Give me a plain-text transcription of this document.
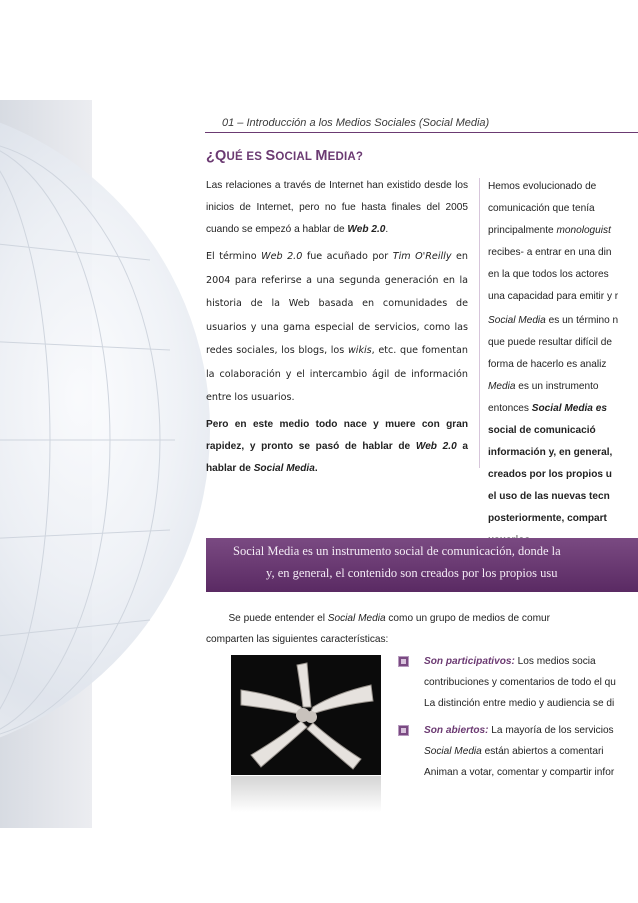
01 – Introducción a los Medios Sociales (Social Media)
¿QUÉ ES SOCIAL MEDIA?

Las relaciones a través de Internet han existido desde los inicios de Internet, pero no fue hasta finales del 2005 cuando se empezó a hablar de Web 2.0.

El término Web 2.0 fue acuñado por Tim O'Reilly en 2004 para referirse a una segunda generación en la historia de la Web basada en comunidades de usuarios y una gama especial de servicios, como las redes sociales, los blogs, los wikis, etc. que fomentan la colaboración y el intercambio ágil de información entre los usuarios.

Pero en este medio todo nace y muere con gran rapidez, y pronto se pasó de hablar de Web 2.0 a hablar de Social Media.

Hemos evolucionado de
comunicación que tenía
principalmente monologuist
recibes- a entrar en una din
en la que todos los actores
una capacidad para emitir y r

Social Media es un término n
que puede resultar difícil de
forma de hacerlo es analiz
Media es un instrumento
entonces Social Media es
social de comunicació
información y, en general,
creados por los propios u
el uso de las nuevas tecn
posteriormente, compart

Social Media es un instrumento social de comunicación, donde la
y, en general, el contenido son creados por los propios usu
Se puede entender el Social Media como un grupo de medios de comur
comparten las siguientes características:
Son participativos: Los medios socia
contribuciones y comentarios de todo el qu
La distinción entre medio y audiencia se di
Son abiertos: La mayoría de los servicios
Social Media están abiertos a comentari
Animan a votar, comentar y compartir infor
